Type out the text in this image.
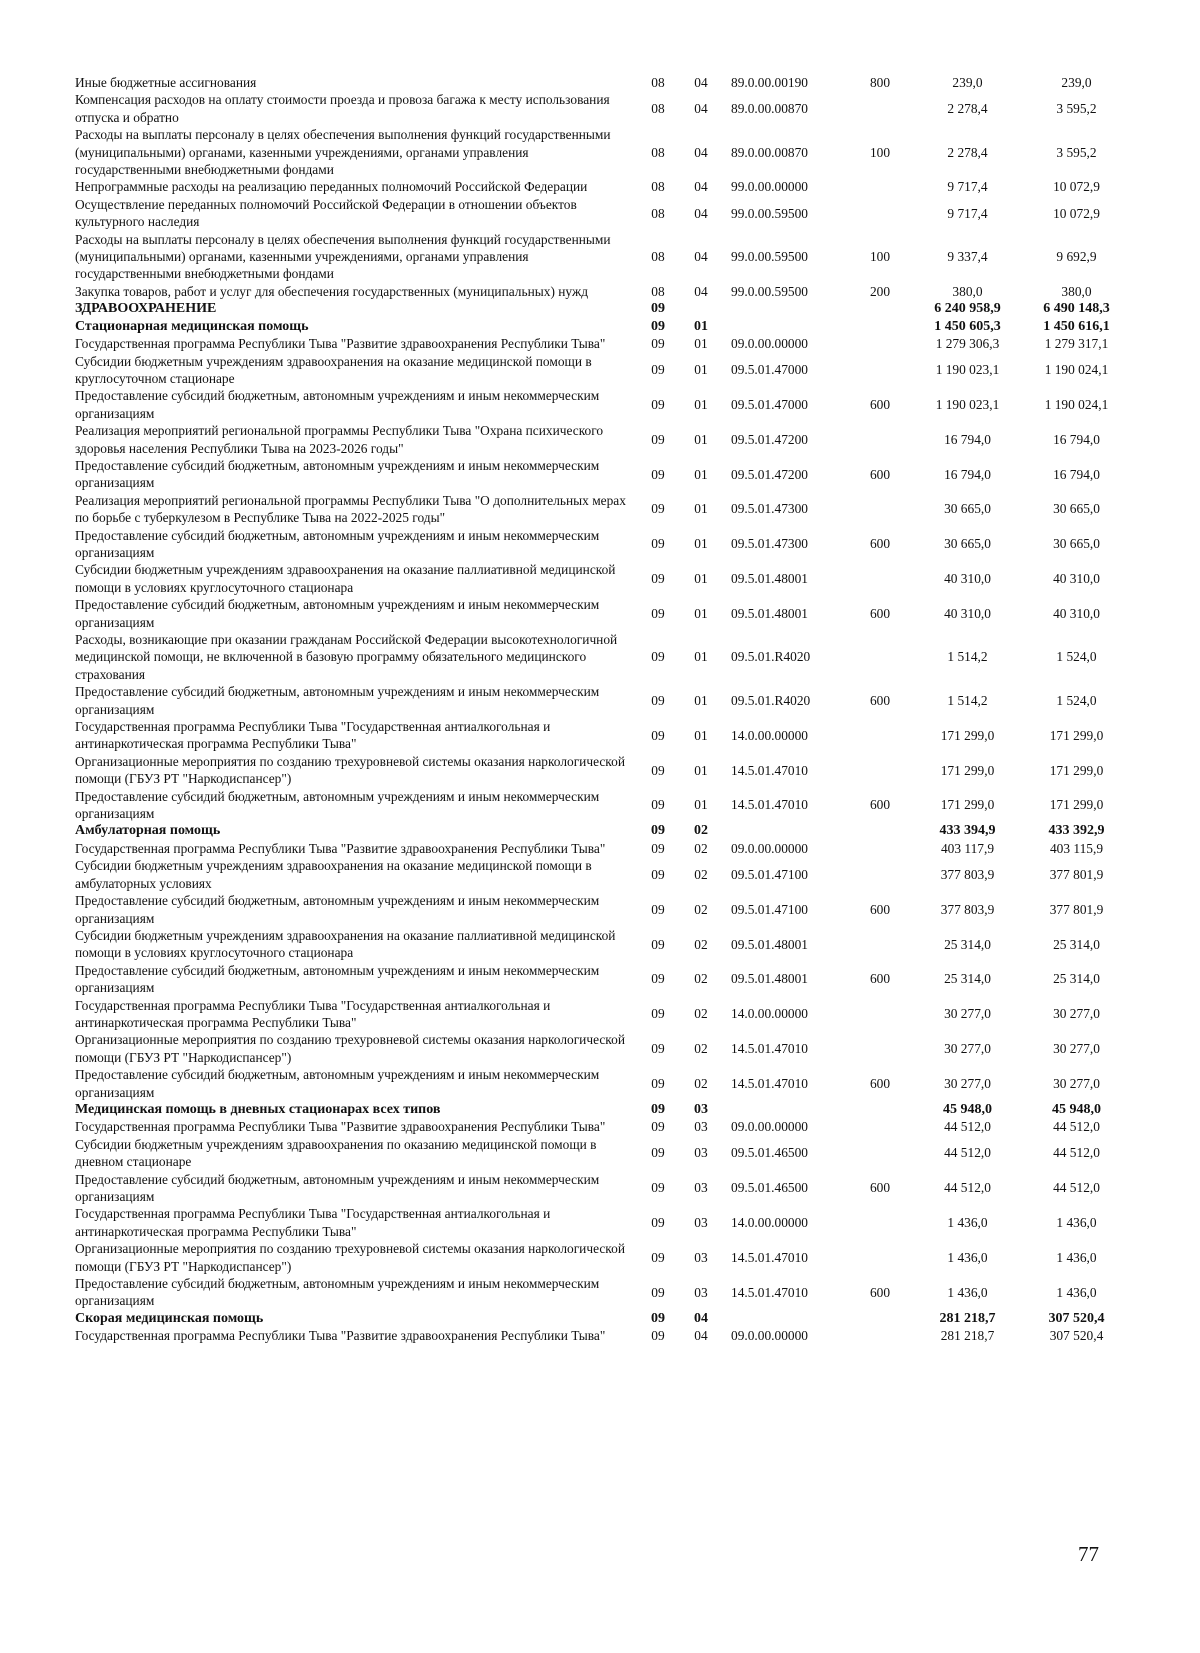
Иные бюджетные ассигнования	08	04	89.0.00.00190	800	239,0	239,0
Компенсация расходов на оплату стоимости проезда и провоза багажа к месту использования отпуска и обратно	08	04	89.0.00.00870		2 278,4	3 595,2
Расходы на выплаты персоналу в целях обеспечения выполнения функций государственными (муниципальными) органами, казенными учреждениями, органами управления государственными внебюджетными фондами	08	04	89.0.00.00870	100	2 278,4	3 595,2
Непрограммные расходы на реализацию переданных полномочий Российской Федерации	08	04	99.0.00.00000		9 717,4	10 072,9
Осуществление переданных полномочий Российской Федерации в отношении объектов культурного наследия	08	04	99.0.00.59500		9 717,4	10 072,9
Расходы на выплаты персоналу в целях обеспечения выполнения функций государственными (муниципальными) органами, казенными учреждениями, органами управления государственными внебюджетными фондами	08	04	99.0.00.59500	100	9 337,4	9 692,9
Закупка товаров, работ и услуг для обеспечения государственных (муниципальных) нужд	08	04	99.0.00.59500	200	380,0	380,0
ЗДРАВООХРАНЕНИЕ	09				6 240 958,9	6 490 148,3
Стационарная медицинская помощь	09	01			1 450 605,3	1 450 616,1
Государственная программа Республики Тыва "Развитие здравоохранения Республики Тыва"	09	01	09.0.00.00000		1 279 306,3	1 279 317,1
Субсидии бюджетным учреждениям здравоохранения на оказание медицинской помощи в круглосуточном стационаре	09	01	09.5.01.47000		1 190 023,1	1 190 024,1
Предоставление субсидий бюджетным, автономным учреждениям и иным некоммерческим организациям	09	01	09.5.01.47000	600	1 190 023,1	1 190 024,1
Реализация мероприятий региональной программы Республики Тыва "Охрана психического здоровья населения Республики Тыва на 2023-2026 годы"	09	01	09.5.01.47200		16 794,0	16 794,0
Предоставление субсидий бюджетным, автономным учреждениям и иным некоммерческим организациям	09	01	09.5.01.47200	600	16 794,0	16 794,0
Реализация мероприятий региональной программы Республики Тыва "О дополнительных мерах по борьбе с туберкулезом в Республике Тыва на 2022-2025 годы"	09	01	09.5.01.47300		30 665,0	30 665,0
Предоставление субсидий бюджетным, автономным учреждениям и иным некоммерческим организациям	09	01	09.5.01.47300	600	30 665,0	30 665,0
Субсидии бюджетным учреждениям здравоохранения на оказание паллиативной медицинской помощи в условиях круглосуточного стационара	09	01	09.5.01.48001		40 310,0	40 310,0
Предоставление субсидий бюджетным, автономным учреждениям и иным некоммерческим организациям	09	01	09.5.01.48001	600	40 310,0	40 310,0
Расходы, возникающие при оказании гражданам Российской Федерации высокотехнологичной медицинской помощи, не включенной в базовую программу обязательного медицинского страхования	09	01	09.5.01.R4020		1 514,2	1 524,0
Предоставление субсидий бюджетным, автономным учреждениям и иным некоммерческим организациям	09	01	09.5.01.R4020	600	1 514,2	1 524,0
Государственная программа Республики Тыва "Государственная антиалкогольная и антинаркотическая программа Республики Тыва"	09	01	14.0.00.00000		171 299,0	171 299,0
Организационные мероприятия по созданию трехуровневой системы оказания наркологической помощи (ГБУЗ РТ "Наркодиспансер")	09	01	14.5.01.47010		171 299,0	171 299,0
Предоставление субсидий бюджетным, автономным учреждениям и иным некоммерческим организациям	09	01	14.5.01.47010	600	171 299,0	171 299,0
Амбулаторная помощь	09	02			433 394,9	433 392,9
Государственная программа Республики Тыва "Развитие здравоохранения Республики Тыва"	09	02	09.0.00.00000		403 117,9	403 115,9
Субсидии бюджетным учреждениям здравоохранения на оказание медицинской помощи в амбулаторных условиях	09	02	09.5.01.47100		377 803,9	377 801,9
Предоставление субсидий бюджетным, автономным учреждениям и иным некоммерческим организациям	09	02	09.5.01.47100	600	377 803,9	377 801,9
Субсидии бюджетным учреждениям здравоохранения на оказание паллиативной медицинской помощи в условиях круглосуточного стационара	09	02	09.5.01.48001		25 314,0	25 314,0
Предоставление субсидий бюджетным, автономным учреждениям и иным некоммерческим организациям	09	02	09.5.01.48001	600	25 314,0	25 314,0
Государственная программа Республики Тыва "Государственная антиалкогольная и антинаркотическая программа Республики Тыва"	09	02	14.0.00.00000		30 277,0	30 277,0
Организационные мероприятия по созданию трехуровневой системы оказания наркологической помощи (ГБУЗ РТ "Наркодиспансер")	09	02	14.5.01.47010		30 277,0	30 277,0
Предоставление субсидий бюджетным, автономным учреждениям и иным некоммерческим организациям	09	02	14.5.01.47010	600	30 277,0	30 277,0
Медицинская помощь в дневных стационарах всех типов	09	03			45 948,0	45 948,0
Государственная программа Республики Тыва "Развитие здравоохранения Республики Тыва"	09	03	09.0.00.00000		44 512,0	44 512,0
Субсидии бюджетным учреждениям здравоохранения по оказанию медицинской помощи в дневном стационаре	09	03	09.5.01.46500		44 512,0	44 512,0
Предоставление субсидий бюджетным, автономным учреждениям и иным некоммерческим организациям	09	03	09.5.01.46500	600	44 512,0	44 512,0
Государственная программа Республики Тыва "Государственная антиалкогольная и антинаркотическая программа Республики Тыва"	09	03	14.0.00.00000		1 436,0	1 436,0
Организационные мероприятия по созданию трехуровневой системы оказания наркологической помощи (ГБУЗ РТ "Наркодиспансер")	09	03	14.5.01.47010		1 436,0	1 436,0
Предоставление субсидий бюджетным, автономным учреждениям и иным некоммерческим организациям	09	03	14.5.01.47010	600	1 436,0	1 436,0
Скорая медицинская помощь	09	04			281 218,7	307 520,4
Государственная программа Республики Тыва "Развитие здравоохранения Республики Тыва"	09	04	09.0.00.00000		281 218,7	307 520,4
77
